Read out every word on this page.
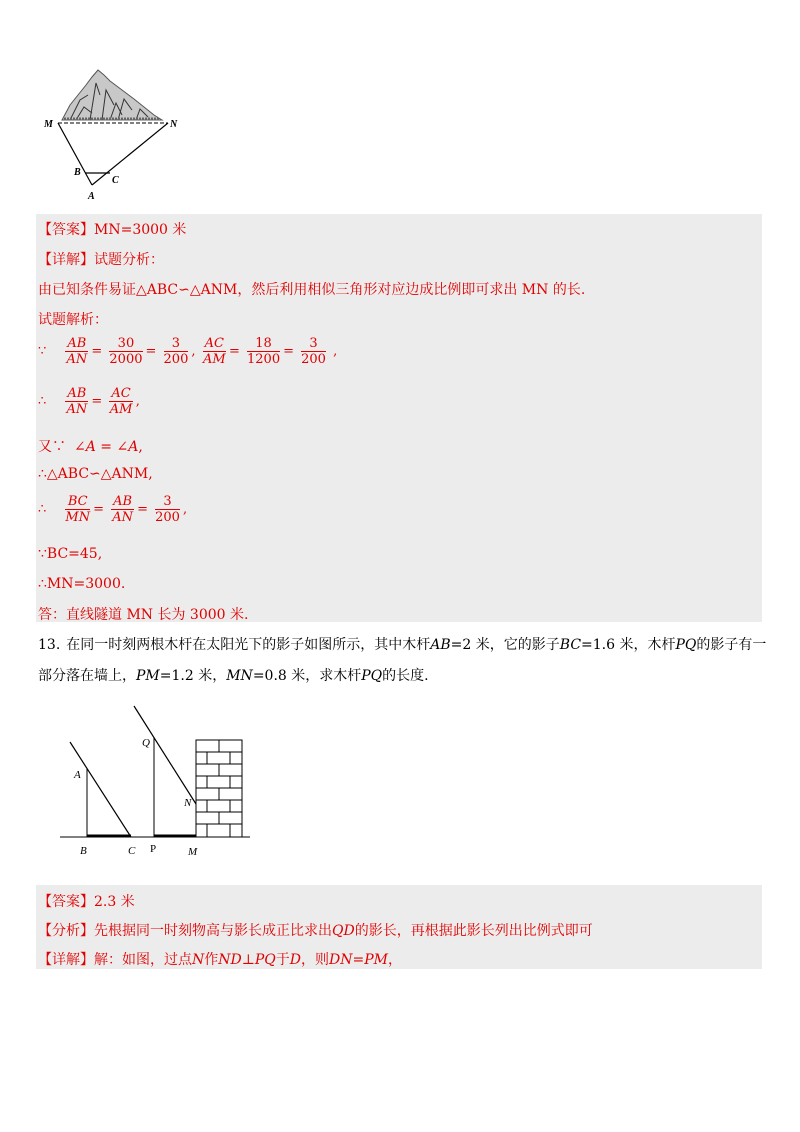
M	N
B
C
A
【答案】MN=3000 米
【详解】试题分析：
由已知条件易证△ABC∽△ANM，然后利用相似三角形对应边成比例即可求出 MN 的长.
试题解析：
∵ $\frac{AB}{AN} = \frac{30}{2000} = \frac{3}{200}$ , $\frac{AC}{AM} = \frac{18}{1200} = \frac{3}{200}$ ,
∴ $\frac{AB}{AN} = \frac{AC}{AM}$ ,
又∵ ∠A = ∠A,
∴△ABC∽△ANM,
∴ $\frac{BC}{MN} = \frac{AB}{AN} = \frac{3}{200}$ ,
∵BC=45,
∴MN=3000.
答：直线隧道 MN 长为 3000 米.
13. 在同一时刻两根木杆在太阳光下的影子如图所示，其中木杆AB=2 米，它的影子BC=1.6 米，木杆PQ的影子有一
部分落在墙上，PM=1.2 米，MN=0.8 米，求木杆PQ的长度.
A
B	C P
Q
N
M
【答案】2.3 米
【分析】先根据同一时刻物高与影长成正比求出QD的影长，再根据此影长列出比例式即可
【详解】解：如图，过点N作ND⊥PQ于D，则DN=PM，
